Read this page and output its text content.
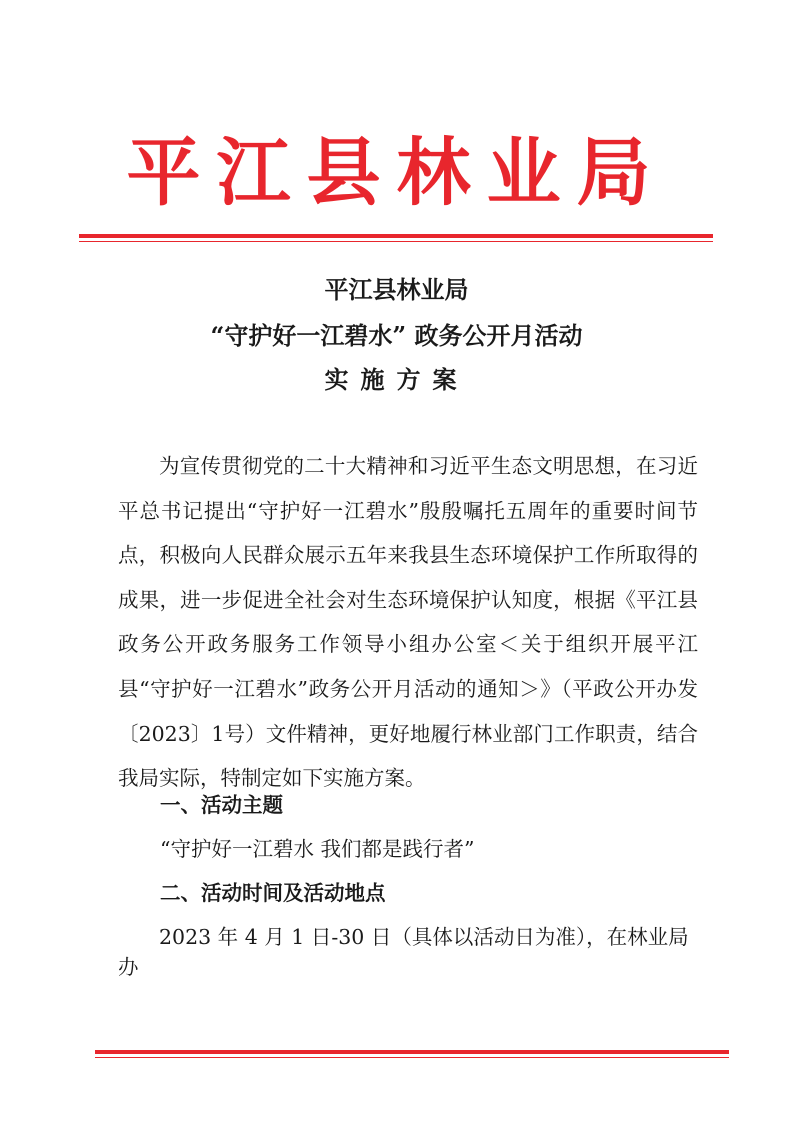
平江县林业局
平江县林业局
“守护好一江碧水” 政务公开月活动
实施方案
为宣传贯彻党的二十大精神和习近平生态文明思想，在习近平总书记提出“守护好一江碧水”殷殷嘱托五周年的重要时间节点，积极向人民群众展示五年来我县生态环境保护工作所取得的成果，进一步促进全社会对生态环境保护认知度，根据《平江县政务公开政务服务工作领导小组办公室＜关于组织开展平江县“守护好一江碧水”政务公开月活动的通知＞》（平政公开办发〔2023〕1号）文件精神，更好地履行林业部门工作职责，结合我局实际，特制定如下实施方案。
一、活动主题
“守护好一江碧水 我们都是践行者”
二、活动时间及活动地点
2023 年 4 月 1 日-30 日（具体以活动日为准），在林业局办
